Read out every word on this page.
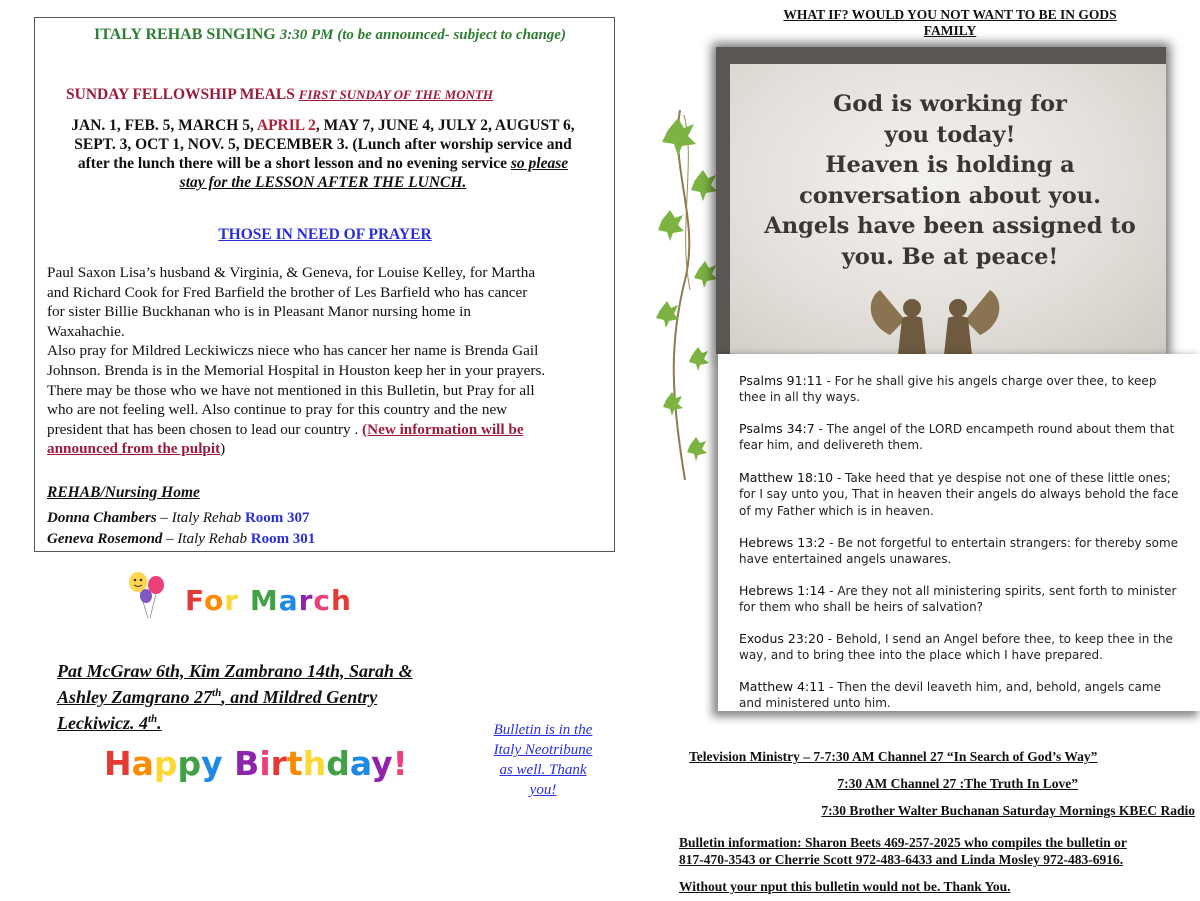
ITALY REHAB SINGING 3:30 PM (to be announced- subject to change)
SUNDAY FELLOWSHIP MEALS FIRST SUNDAY OF THE MONTH
JAN. 1, FEB. 5, MARCH 5, APRIL 2, MAY 7, JUNE 4, JULY 2, AUGUST 6,
SEPT. 3, OCT 1, NOV. 5, DECEMBER 3. (Lunch after worship service and
after the lunch there will be a short lesson and no evening service so please
stay for the LESSON AFTER THE LUNCH.
THOSE IN NEED OF PRAYER
Paul Saxon Lisa’s husband & Virginia, & Geneva, for Louise Kelley, for Martha
and Richard Cook for Fred Barfield the brother of Les Barfield who has cancer
for sister Billie Buckhanan who is in Pleasant Manor nursing home in
Waxahachie.
Also pray for Mildred Leckiwiczs niece who has cancer her name is Brenda Gail
Johnson. Brenda is in the Memorial Hospital in Houston keep her in your prayers.
There may be those who we have not mentioned in this Bulletin, but Pray for all
who are not feeling well. Also continue to pray for this country and the new
president that has been chosen to lead our country . (New information will be
announced from the pulpit)
REHAB/Nursing Home
Donna Chambers – Italy Rehab Room 307
Geneva Rosemond – Italy Rehab Room 301
For March
Pat McGraw 6th, Kim Zambrano 14th, Sarah &
Ashley Zamgrano 27th, and Mildred Gentry
Leckiwicz. 4th.
Happy Birthday!
Bulletin is in the Italy Neotribune as well. Thank you!
WHAT IF? WOULD YOU NOT WANT TO BE IN GODS
FAMILY
God is working for
you today!
Heaven is holding a
conversation about you.
Angels have been assigned to
you. Be at peace!
Psalms 91:11 - For he shall give his angels charge over thee, to keep thee in all thy ways.
Psalms 34:7 - The angel of the LORD encampeth round about them that fear him, and delivereth them.
Matthew 18:10 - Take heed that ye despise not one of these little ones; for I say unto you, That in heaven their angels do always behold the face of my Father which is in heaven.
Hebrews 13:2 - Be not forgetful to entertain strangers: for thereby some have entertained angels unawares.
Hebrews 1:14 - Are they not all ministering spirits, sent forth to minister for them who shall be heirs of salvation?
Exodus 23:20 - Behold, I send an Angel before thee, to keep thee in the way, and to bring thee into the place which I have prepared.
Matthew 4:11 - Then the devil leaveth him, and, behold, angels came and ministered unto him.
Television Ministry – 7-7:30 AM Channel 27 “In Search of God’s Way”
7:30 AM Channel 27 :The Truth In Love”
7:30 Brother Walter Buchanan Saturday Mornings KBEC Radio
Bulletin information: Sharon Beets 469-257-2025 who compiles the bulletin or
817-470-3543 or Cherrie Scott 972-483-6433 and Linda Mosley 972-483-6916.
Without your nput this bulletin would not be. Thank You.
